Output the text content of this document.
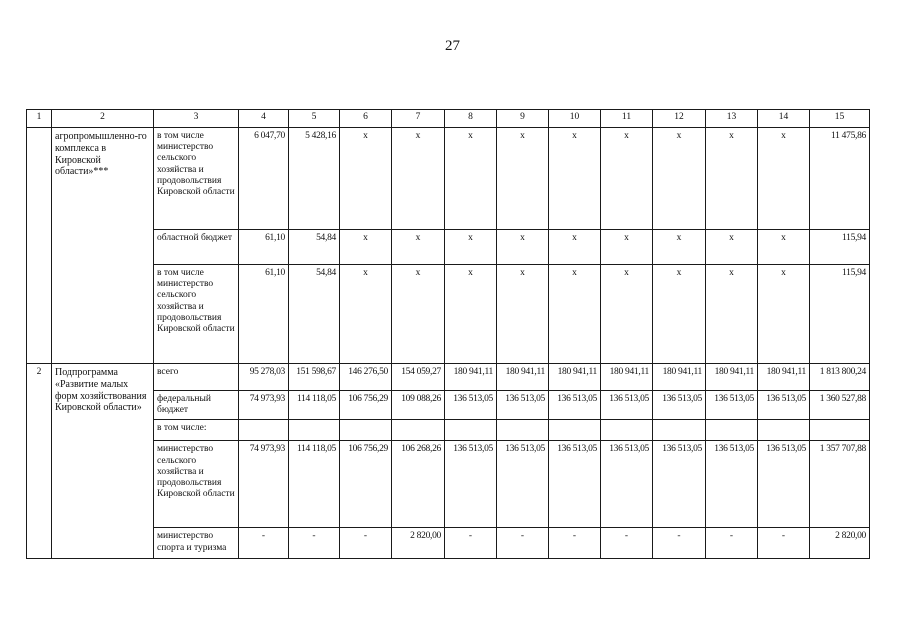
27
1	2	3	4	5	6	7	8	9	10	11	12	13	14	15
	агропромышленно-го комплекса в Кировской области»***	в том числе министерство сельского хозяйства и продовольствия Кировской области	6 047,70	5 428,16	x	x	x	x	x	x	x	x	x	11 475,86
		областной бюджет	61,10	54,84	x	x	x	x	x	x	x	x	x	115,94
		в том числе министерство сельского хозяйства и продовольствия Кировской области	61,10	54,84	x	x	x	x	x	x	x	x	x	115,94
2	Подпрограмма «Развитие малых форм хозяйствования Кировской области»	всего	95 278,03	151 598,67	146 276,50	154 059,27	180 941,11	180 941,11	180 941,11	180 941,11	180 941,11	180 941,11	180 941,11	1 813 800,24
		федеральный бюджет	74 973,93	114 118,05	106 756,29	109 088,26	136 513,05	136 513,05	136 513,05	136 513,05	136 513,05	136 513,05	136 513,05	1 360 527,88
		в том числе:												
		министерство сельского хозяйства и продовольствия Кировской области	74 973,93	114 118,05	106 756,29	106 268,26	136 513,05	136 513,05	136 513,05	136 513,05	136 513,05	136 513,05	136 513,05	1 357 707,88
		министерство спорта и туризма	-	-	-	2 820,00	-	-	-	-	-	-	-	2 820,00
